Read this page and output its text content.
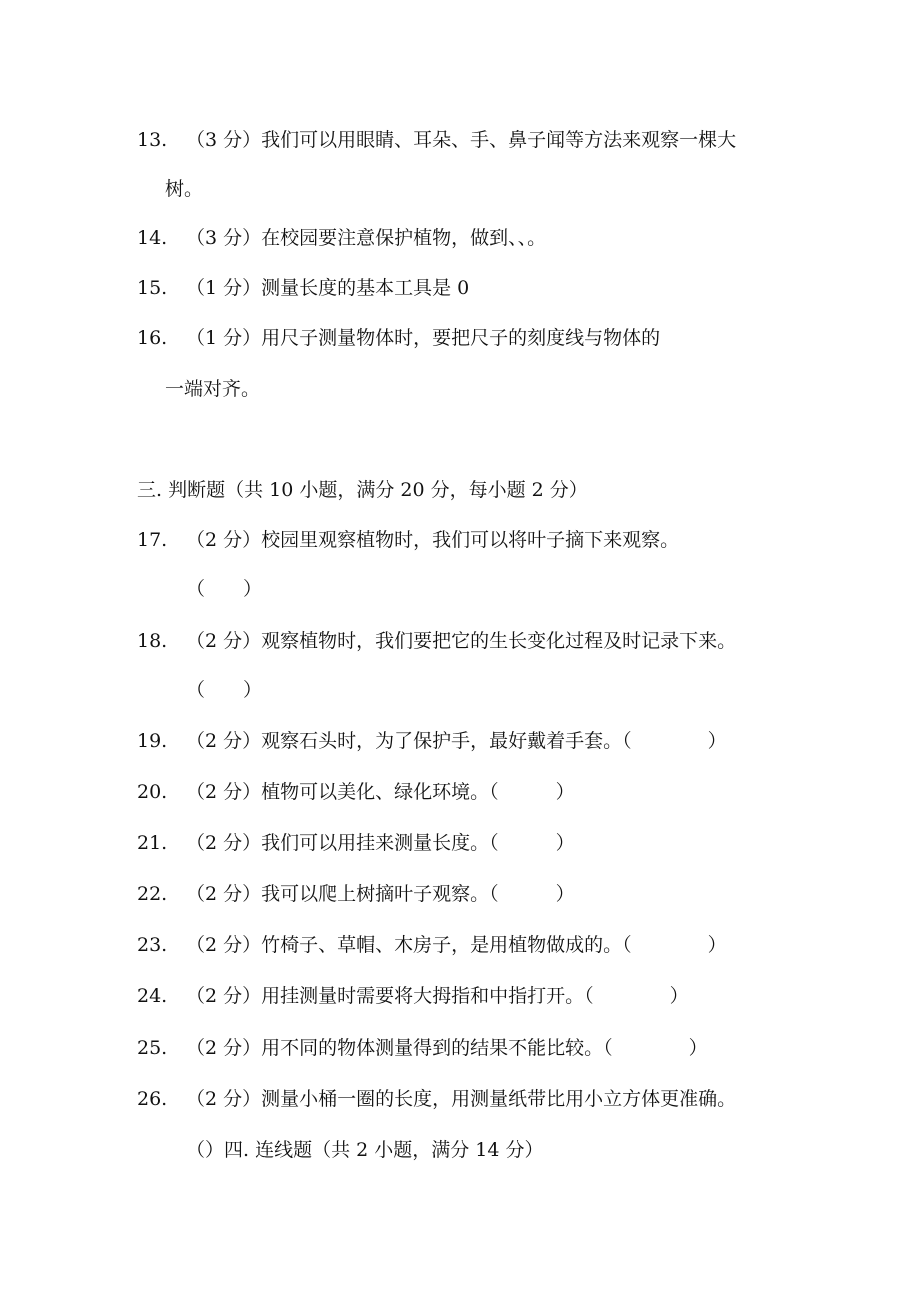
13. （3 分）我们可以用眼睛、耳朵、手、鼻子闻等方法来观察一棵大
树。
14. （3 分）在校园要注意保护植物，做到、、。
15. （1 分）测量长度的基本工具是 0
16. （1 分）用尺子测量物体时，要把尺子的刻度线与物体的
一端对齐。
三. 判断题（共 10 小题，满分 20 分，每小题 2 分）
17. （2 分）校园里观察植物时，我们可以将叶子摘下来观察。
（　　）
18. （2 分）观察植物时，我们要把它的生长变化过程及时记录下来。
（　　）
19. （2 分）观察石头时，为了保护手，最好戴着手套。（　　　　）
20. （2 分）植物可以美化、绿化环境。（　　　）
21. （2 分）我们可以用挂来测量长度。（　　　）
22. （2 分）我可以爬上树摘叶子观察。（　　　）
23. （2 分）竹椅子、草帽、木房子，是用植物做成的。（　　　　）
24. （2 分）用挂测量时需要将大拇指和中指打开。（　　　　）
25. （2 分）用不同的物体测量得到的结果不能比较。（　　　　）
26. （2 分）测量小桶一圈的长度，用测量纸带比用小立方体更准确。
（）四. 连线题（共 2 小题，满分 14 分）
